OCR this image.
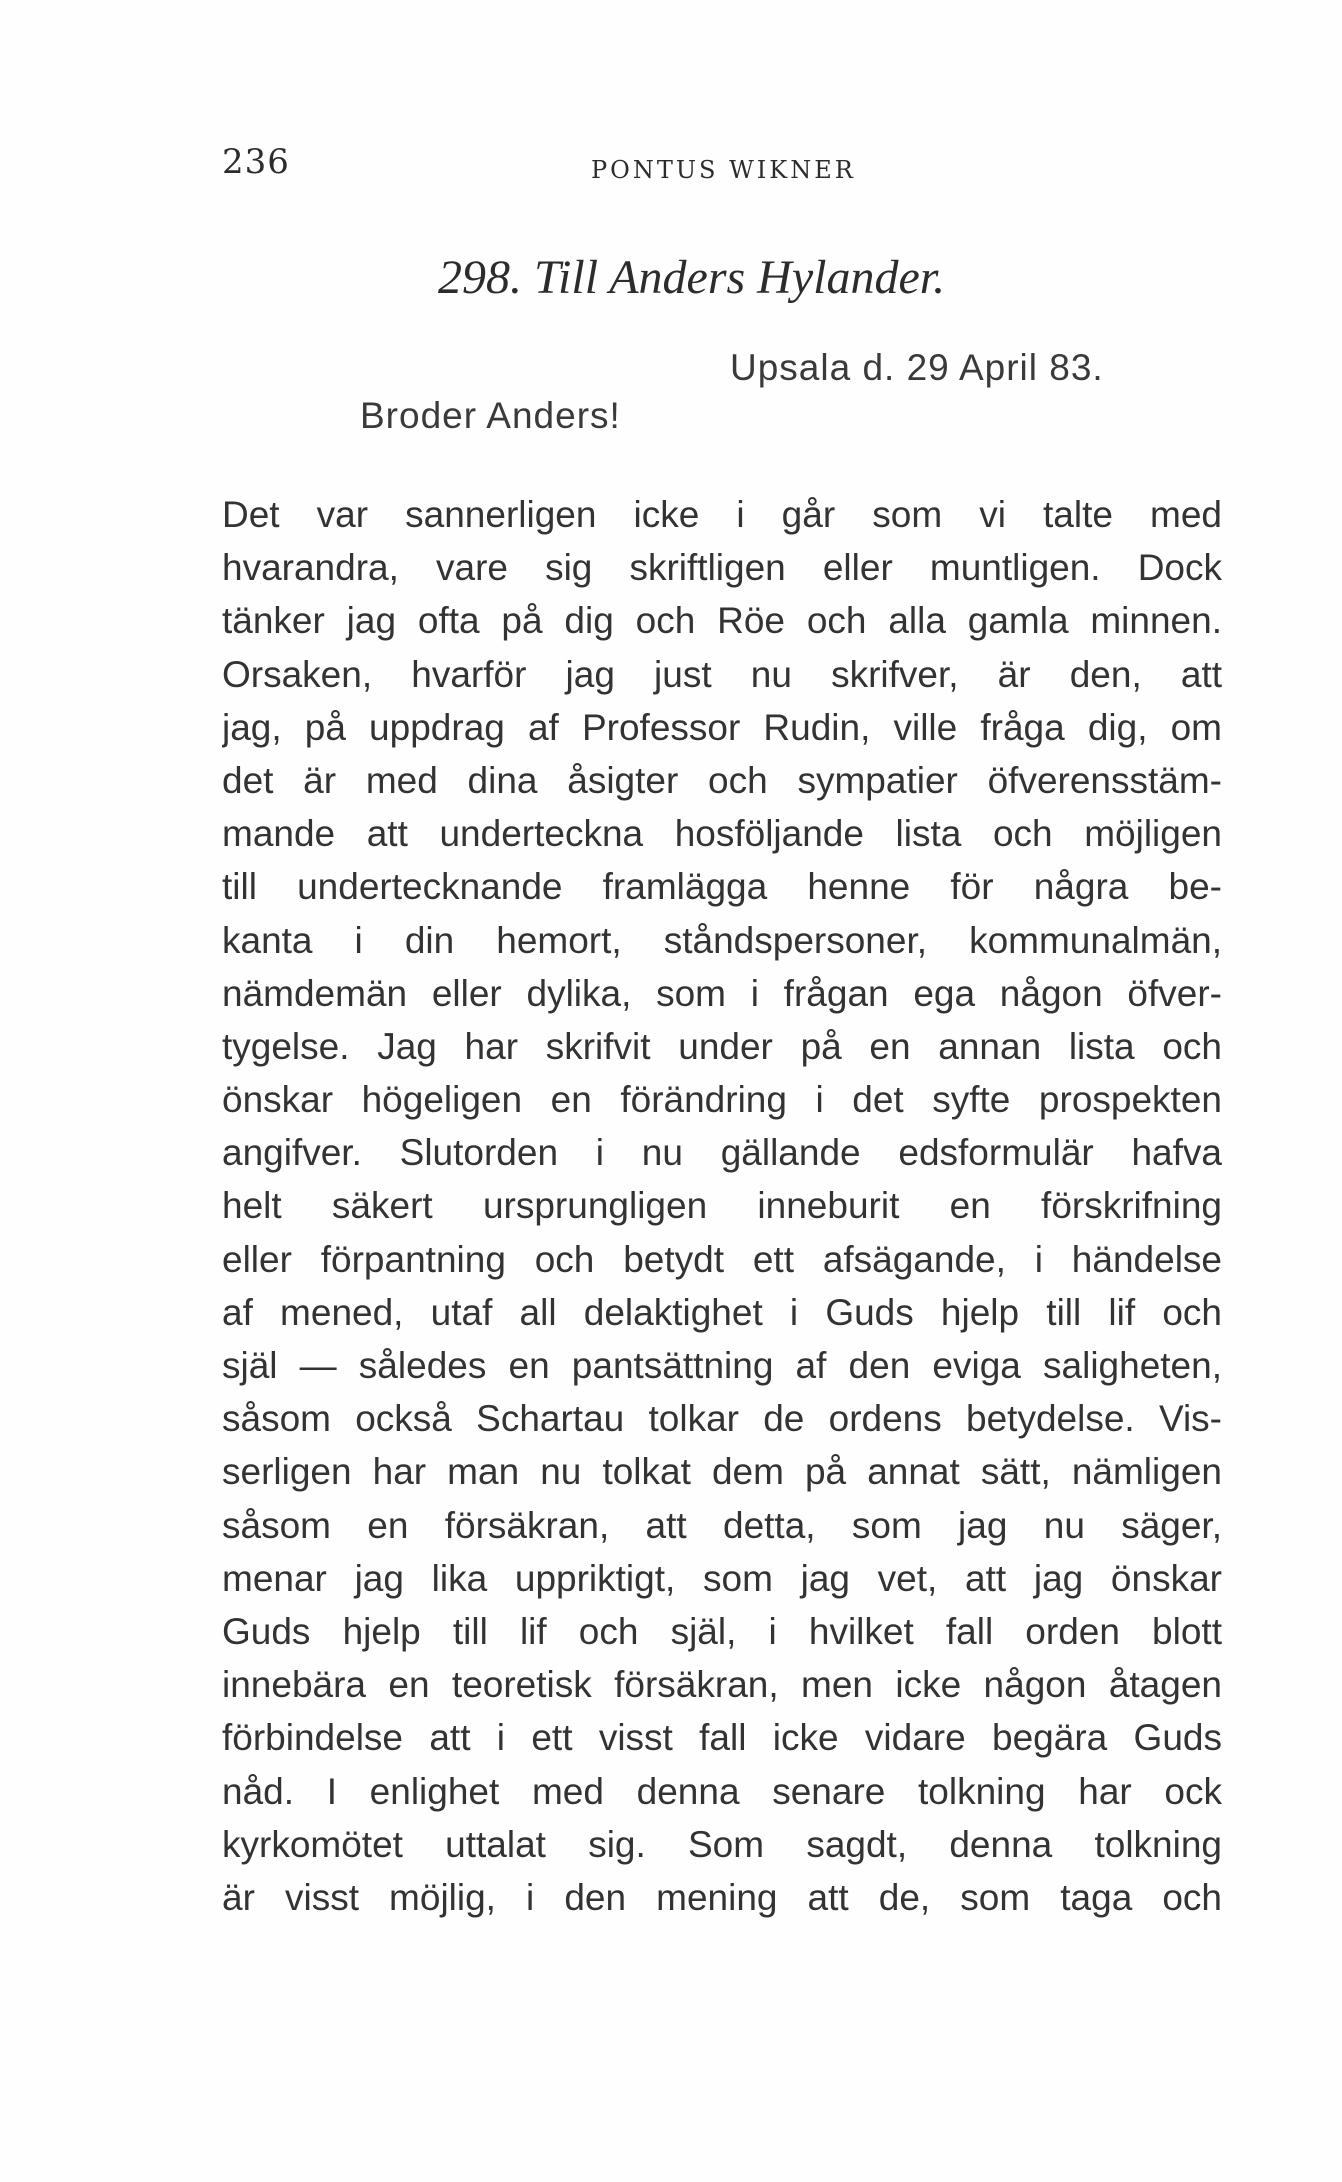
236	PONTUS WIKNER
298. Till Anders Hylander.
Upsala d. 29 April 83.
Broder Anders!
Det var sannerligen icke i går som vi talte med
hvarandra, vare sig skriftligen eller muntligen. Dock
tänker jag ofta på dig och Röe och alla gamla minnen.
Orsaken, hvarför jag just nu skrifver, är den, att
jag, på uppdrag af Professor Rudin, ville fråga dig, om
det är med dina åsigter och sympatier öfverensstäm-
mande att underteckna hosföljande lista och möjligen
till undertecknande framlägga henne för några be-
kanta i din hemort, ståndspersoner, kommunalmän,
nämdemän eller dylika, som i frågan ega någon öfver-
tygelse. Jag har skrifvit under på en annan lista och
önskar högeligen en förändring i det syfte prospekten
angifver. Slutorden i nu gällande edsformulär hafva
helt säkert ursprungligen inneburit en förskrifning
eller förpantning och betydt ett afsägande, i händelse
af mened, utaf all delaktighet i Guds hjelp till lif och
själ — således en pantsättning af den eviga saligheten,
såsom också Schartau tolkar de ordens betydelse. Vis-
serligen har man nu tolkat dem på annat sätt, nämligen
såsom en försäkran, att detta, som jag nu säger,
menar jag lika uppriktigt, som jag vet, att jag önskar
Guds hjelp till lif och själ, i hvilket fall orden blott
innebära en teoretisk försäkran, men icke någon åtagen
förbindelse att i ett visst fall icke vidare begära Guds
nåd. I enlighet med denna senare tolkning har ock
kyrkomötet uttalat sig. Som sagdt, denna tolkning
är visst möjlig, i den mening att de, som taga och
